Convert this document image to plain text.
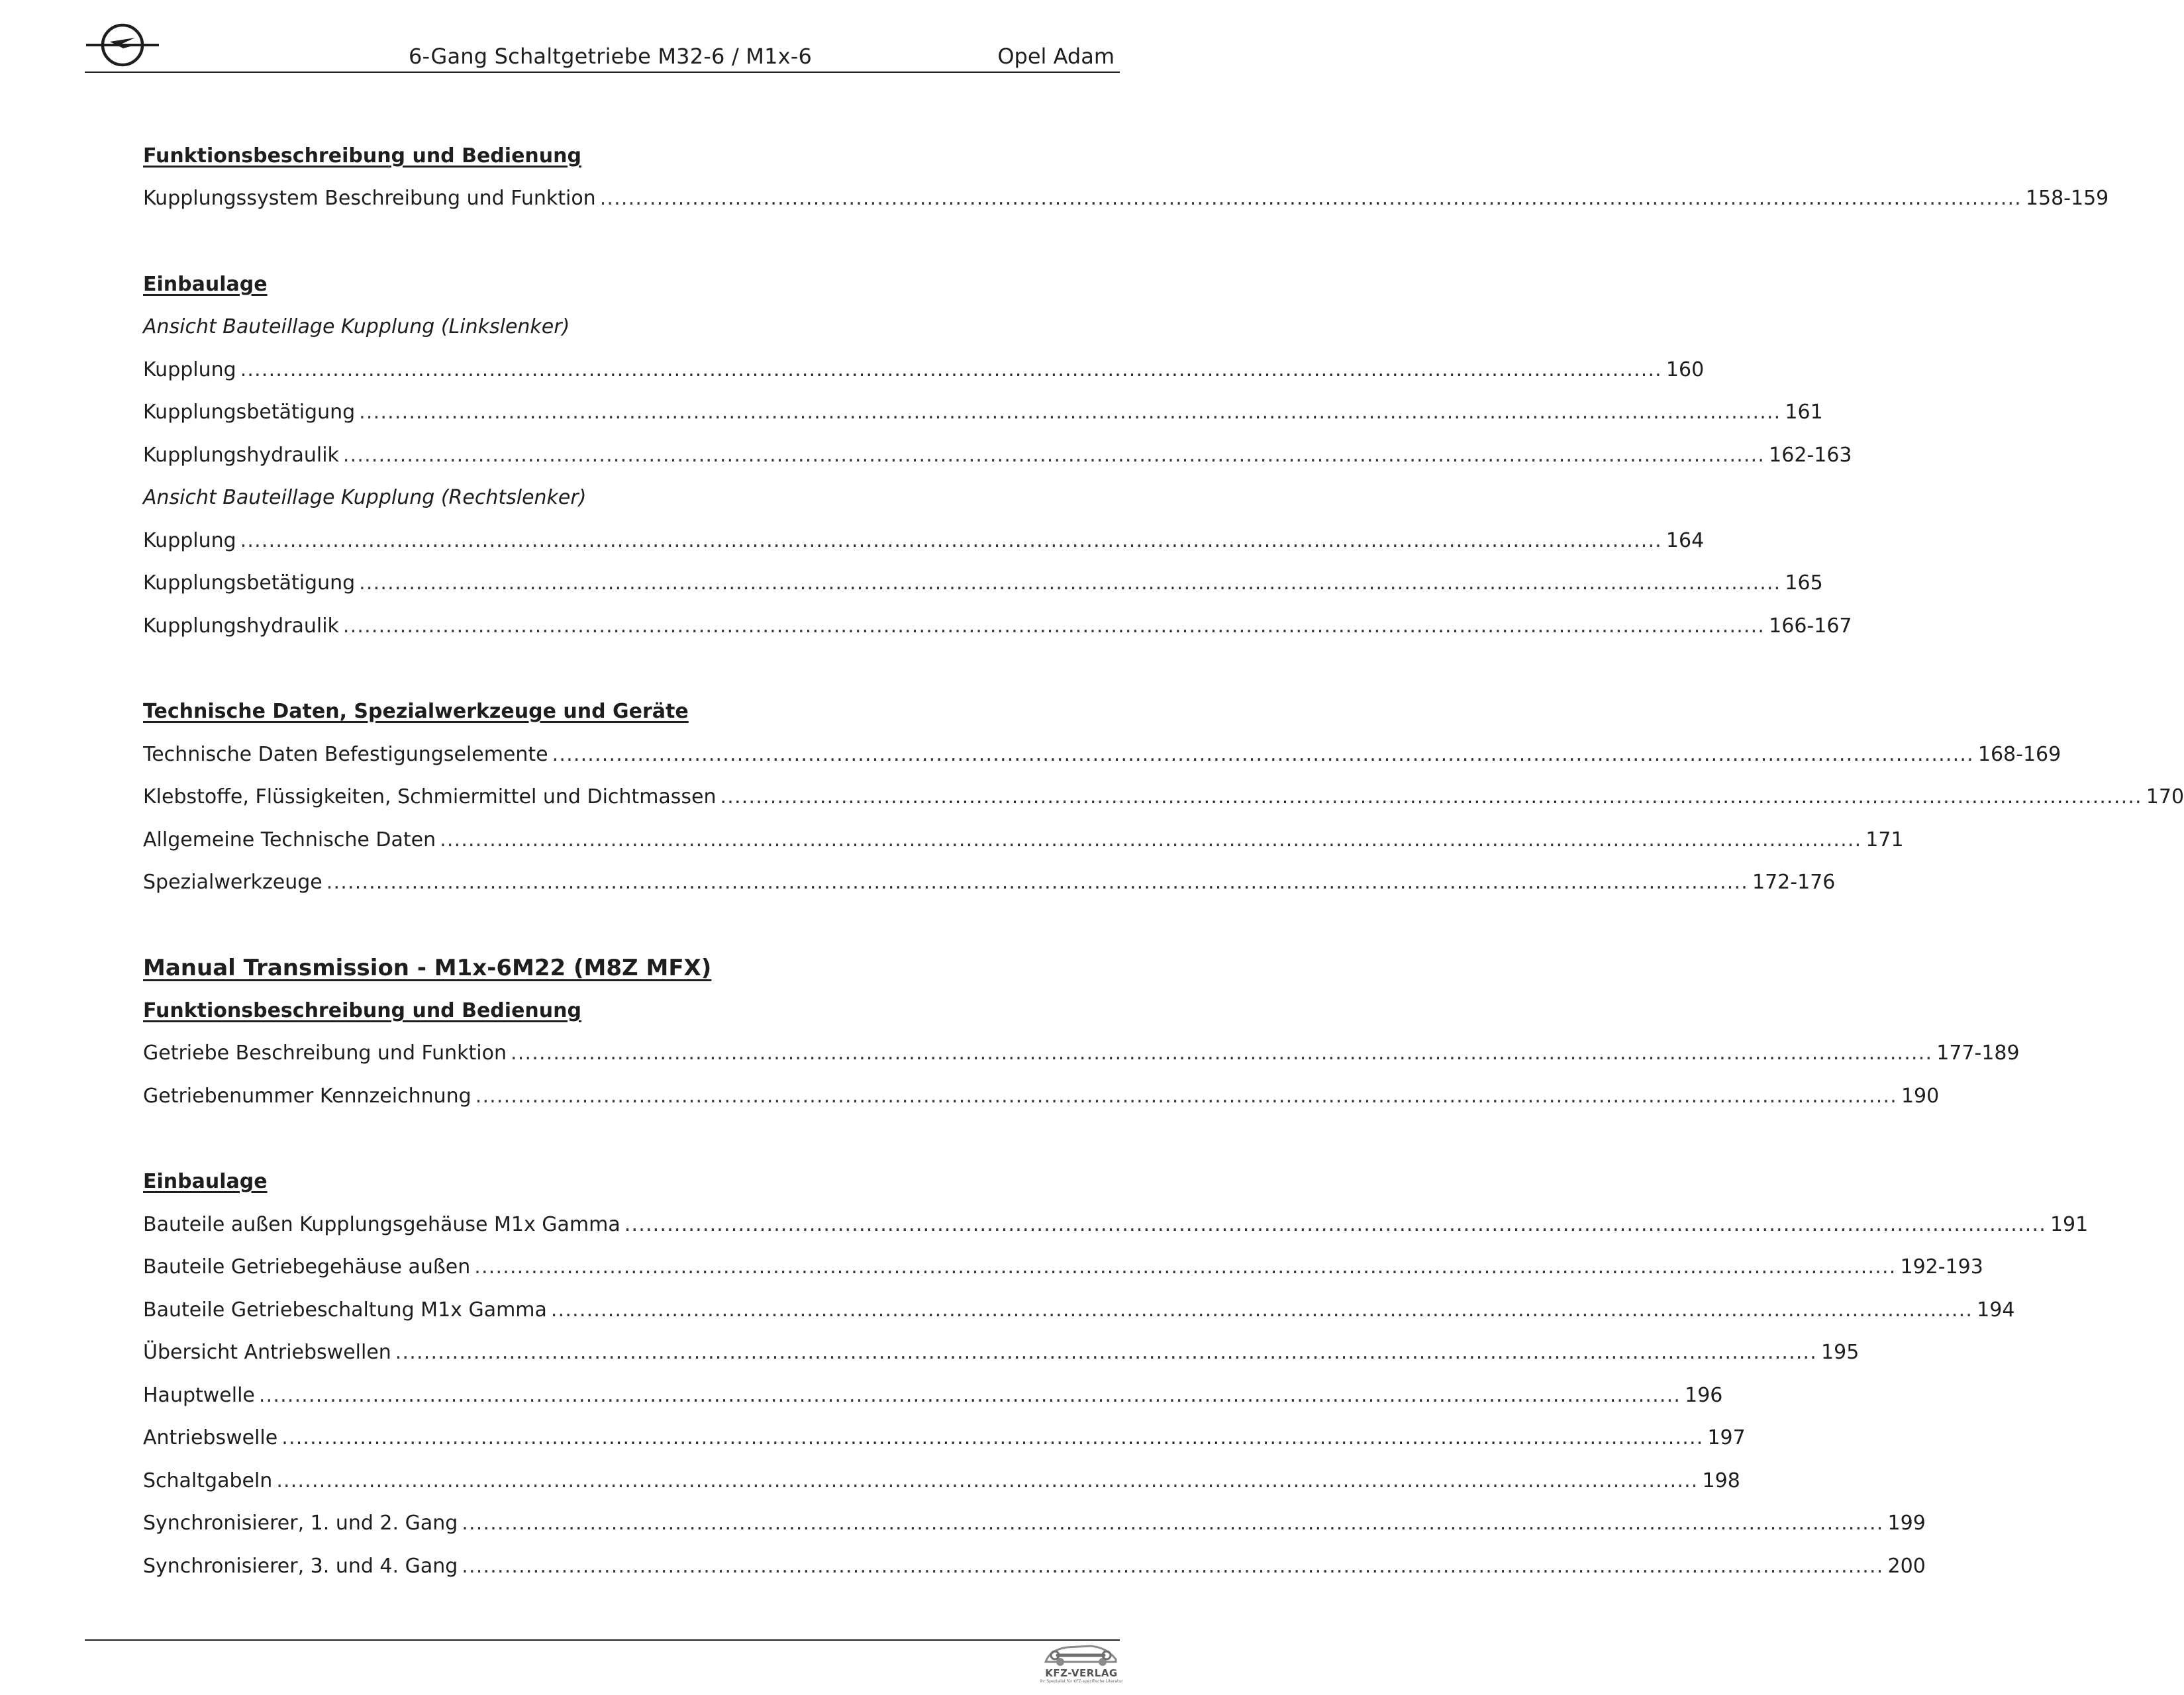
6-Gang Schaltgetriebe M32-6 / M1x-6	Opel Adam
Funktionsbeschreibung und Bedienung
Kupplungssystem Beschreibung und Funktion ........................................................................................................................................................................................................ 158-159
Einbaulage
Ansicht Bauteillage Kupplung (Linkslenker)
Kupplung ........................................................................................................................................................................................................ 160
Kupplungsbetätigung ........................................................................................................................................................................................................ 161
Kupplungshydraulik ........................................................................................................................................................................................................ 162-163
Ansicht Bauteillage Kupplung (Rechtslenker)
Kupplung ........................................................................................................................................................................................................ 164
Kupplungsbetätigung ........................................................................................................................................................................................................ 165
Kupplungshydraulik ........................................................................................................................................................................................................ 166-167
Technische Daten, Spezialwerkzeuge und Geräte
Technische Daten Befestigungselemente ........................................................................................................................................................................................................ 168-169
Klebstoffe, Flüssigkeiten, Schmiermittel und Dichtmassen ........................................................................................................................................................................................................ 170
Allgemeine Technische Daten ........................................................................................................................................................................................................ 171
Spezialwerkzeuge ........................................................................................................................................................................................................ 172-176
Manual Transmission - M1x-6M22 (M8Z MFX)
Funktionsbeschreibung und Bedienung
Getriebe Beschreibung und Funktion ........................................................................................................................................................................................................ 177-189
Getriebenummer Kennzeichnung ........................................................................................................................................................................................................ 190
Einbaulage
Bauteile außen Kupplungsgehäuse M1x Gamma ........................................................................................................................................................................................................ 191
Bauteile Getriebegehäuse außen ........................................................................................................................................................................................................ 192-193
Bauteile Getriebeschaltung M1x Gamma ........................................................................................................................................................................................................ 194
Übersicht Antriebswellen ........................................................................................................................................................................................................ 195
Hauptwelle ........................................................................................................................................................................................................ 196
Antriebswelle ........................................................................................................................................................................................................ 197
Schaltgabeln ........................................................................................................................................................................................................ 198
Synchronisierer, 1. und 2. Gang ........................................................................................................................................................................................................ 199
Synchronisierer, 3. und 4. Gang ........................................................................................................................................................................................................ 200
KFZ-VERLAG
Ihr Spezialist für KFZ-spezifische Literatur
